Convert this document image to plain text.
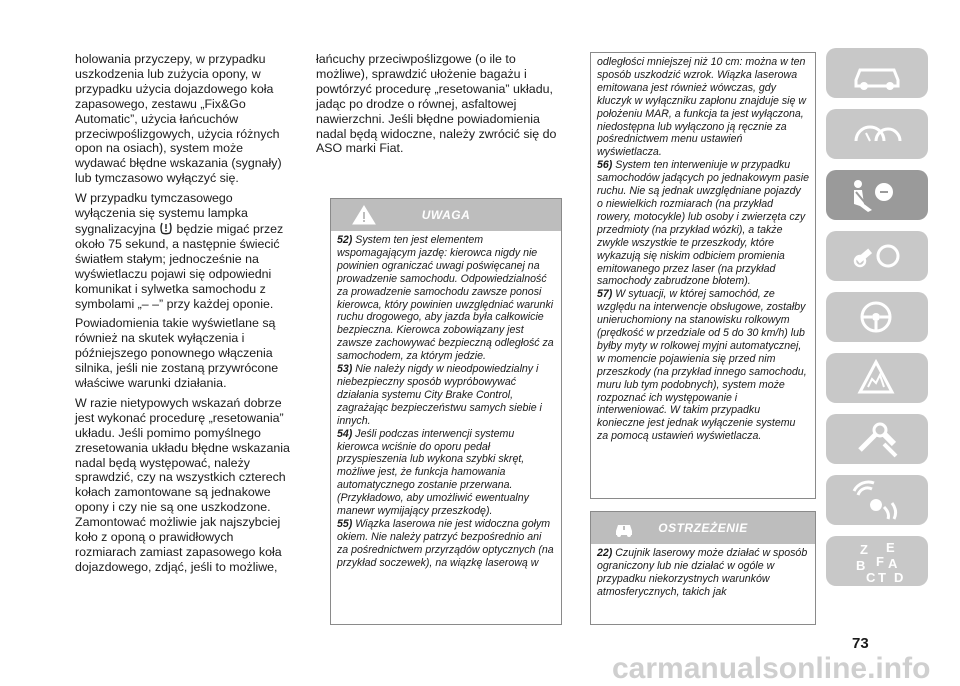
holowania przyczepy, w przypadku uszkodzenia lub zużycia opony, w przypadku użycia dojazdowego koła zapasowego, zestawu „Fix&Go Automatic”, użycia łańcuchów przeciwpoślizgowych, użycia różnych opon na osiach), system może wydawać błędne wskazania (sygnały) lub tymczasowo wyłączyć się.

W przypadku tymczasowego wyłączenia się systemu lampka sygnalizacyjna będzie migać przez około 75 sekund, a następnie świecić światłem stałym; jednocześnie na wyświetlaczu pojawi się odpowiedni komunikat i sylwetka samochodu z symbolami „– –” przy każdej oponie.

Powiadomienia takie wyświetlane są również na skutek wyłączenia i późniejszego ponownego włączenia silnika, jeśli nie zostaną przywrócone właściwe warunki działania.

W razie nietypowych wskazań dobrze jest wykonać procedurę „resetowania” układu. Jeśli pomimo pomyślnego zresetowania układu błędne wskazania nadal będą występować, należy sprawdzić, czy na wszystkich czterech kołach zamontowane są jednakowe opony i czy nie są one uszkodzone. Zamontować możliwie jak najszybciej koło z oponą o prawidłowych rozmiarach zamiast zapasowego koła dojazdowego, zdjąć, jeśli to możliwe,

łańcuchy przeciwpoślizgowe (o ile to możliwe), sprawdzić ułożenie bagażu i powtórzyć procedurę „resetowania” układu, jadąc po drodze o równej, asfaltowej nawierzchni. Jeśli błędne powiadomienia nadal będą widoczne, należy zwrócić się do ASO marki Fiat.

UWAGA

52) System ten jest elementem wspomagającym jazdę: kierowca nigdy nie powinien ograniczać uwagi poświęcanej na prowadzenie samochodu. Odpowiedzialność za prowadzenie samochodu zawsze ponosi kierowca, który powinien uwzględniać warunki ruchu drogowego, aby jazda była całkowicie bezpieczna. Kierowca zobowiązany jest zawsze zachowywać bezpieczną odległość za samochodem, za którym jedzie.

53) Nie należy nigdy w nieodpowiedzialny i niebezpieczny sposób wypróbowywać działania systemu City Brake Control, zagrażając bezpieczeństwu samych siebie i innych.

54) Jeśli podczas interwencji systemu kierowca wciśnie do oporu pedał przyspieszenia lub wykona szybki skręt, możliwe jest, że funkcja hamowania automatycznego zostanie przerwana. (Przykładowo, aby umożliwić ewentualny manewr wymijający przeszkodę).

55) Wiązka laserowa nie jest widoczna gołym okiem. Nie należy patrzyć bezpośrednio ani za pośrednictwem przyrządów optycznych (na przykład soczewek), na wiązkę laserową w

odległości mniejszej niż 10 cm: można w ten sposób uszkodzić wzrok. Wiązka laserowa emitowana jest również wówczas, gdy kluczyk w wyłączniku zapłonu znajduje się w położeniu MAR, a funkcja ta jest wyłączona, niedostępna lub wyłączono ją ręcznie za pośrednictwem menu ustawień wyświetlacza.

56) System ten interweniuje w przypadku samochodów jadących po jednakowym pasie ruchu. Nie są jednak uwzględniane pojazdy o niewielkich rozmiarach (na przykład rowery, motocykle) lub osoby i zwierzęta czy przedmioty (na przykład wózki), a także zwykle wszystkie te przeszkody, które wykazują się niskim odbiciem promienia emitowanego przez laser (na przykład samochody zabrudzone błotem).

57) W sytuacji, w której samochód, ze względu na interwencje obsługowe, zostałby unieruchomiony na stanowisku rolkowym (prędkość w przedziale od 5 do 30 km/h) lub byłby myty w rolkowej myjni automatycznej, w momencie pojawienia się przed nim przeszkody (na przykład innego samochodu, muru lub tym podobnych), system może rozpoznać ich występowanie i interweniować. W takim przypadku konieczne jest jednak wyłączenie systemu za pomocą ustawień wyświetlacza.

OSTRZEŻENIE

22) Czujnik laserowy może działać w sposób ograniczony lub nie działać w ogóle w przypadku niekorzystnych warunków atmosferycznych, takich jak

Z E
B A
C T D
F
73
carmanualsonline.info
